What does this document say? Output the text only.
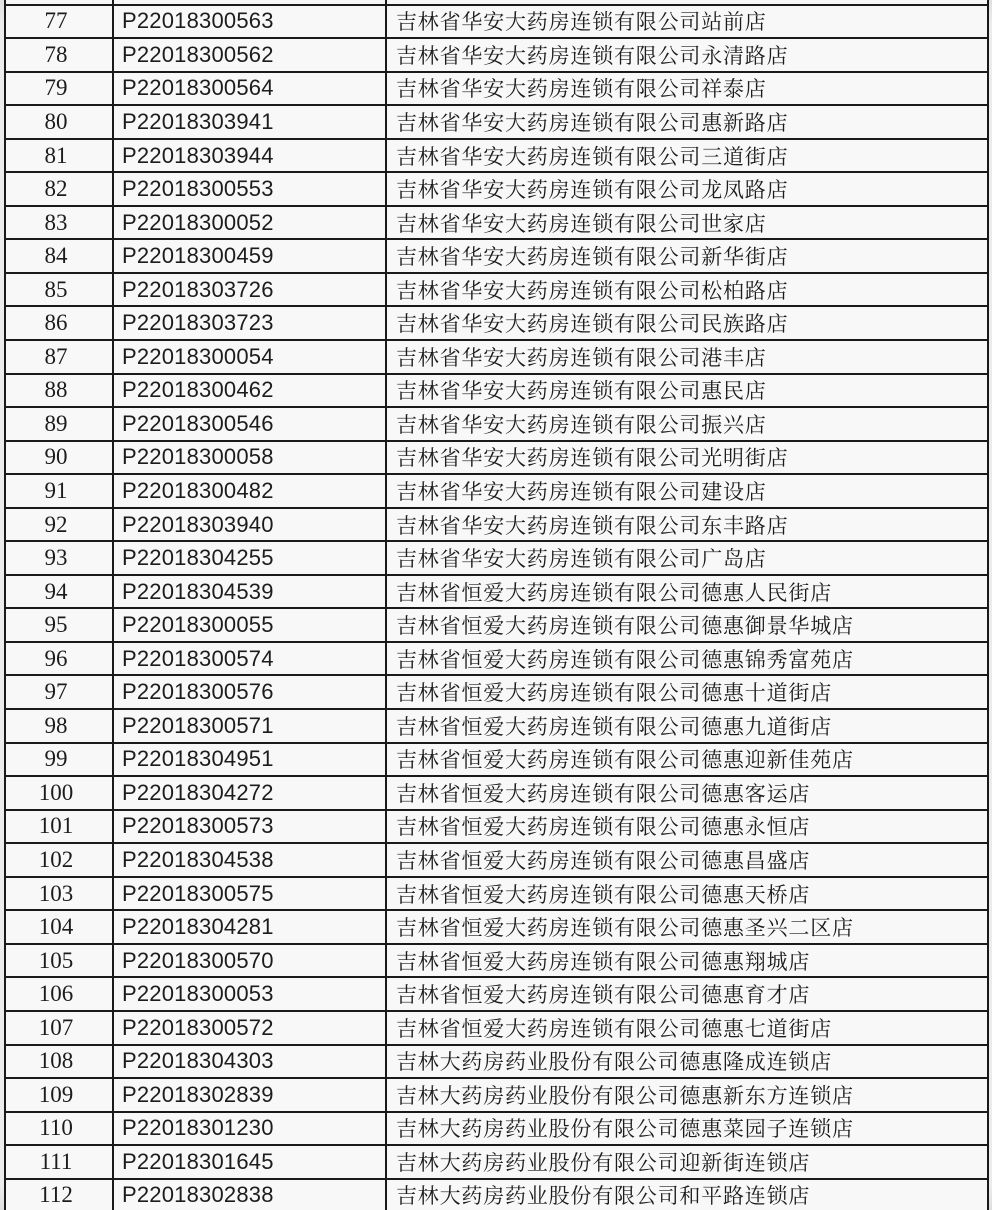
77	P22018300563	吉林省华安大药房连锁有限公司站前店
78	P22018300562	吉林省华安大药房连锁有限公司永清路店
79	P22018300564	吉林省华安大药房连锁有限公司祥泰店
80	P22018303941	吉林省华安大药房连锁有限公司惠新路店
81	P22018303944	吉林省华安大药房连锁有限公司三道街店
82	P22018300553	吉林省华安大药房连锁有限公司龙凤路店
83	P22018300052	吉林省华安大药房连锁有限公司世家店
84	P22018300459	吉林省华安大药房连锁有限公司新华街店
85	P22018303726	吉林省华安大药房连锁有限公司松柏路店
86	P22018303723	吉林省华安大药房连锁有限公司民族路店
87	P22018300054	吉林省华安大药房连锁有限公司港丰店
88	P22018300462	吉林省华安大药房连锁有限公司惠民店
89	P22018300546	吉林省华安大药房连锁有限公司振兴店
90	P22018300058	吉林省华安大药房连锁有限公司光明街店
91	P22018300482	吉林省华安大药房连锁有限公司建设店
92	P22018303940	吉林省华安大药房连锁有限公司东丰路店
93	P22018304255	吉林省华安大药房连锁有限公司广岛店
94	P22018304539	吉林省恒爱大药房连锁有限公司德惠人民街店
95	P22018300055	吉林省恒爱大药房连锁有限公司德惠御景华城店
96	P22018300574	吉林省恒爱大药房连锁有限公司德惠锦秀富苑店
97	P22018300576	吉林省恒爱大药房连锁有限公司德惠十道街店
98	P22018300571	吉林省恒爱大药房连锁有限公司德惠九道街店
99	P22018304951	吉林省恒爱大药房连锁有限公司德惠迎新佳苑店
100	P22018304272	吉林省恒爱大药房连锁有限公司德惠客运店
101	P22018300573	吉林省恒爱大药房连锁有限公司德惠永恒店
102	P22018304538	吉林省恒爱大药房连锁有限公司德惠昌盛店
103	P22018300575	吉林省恒爱大药房连锁有限公司德惠天桥店
104	P22018304281	吉林省恒爱大药房连锁有限公司德惠圣兴二区店
105	P22018300570	吉林省恒爱大药房连锁有限公司德惠翔城店
106	P22018300053	吉林省恒爱大药房连锁有限公司德惠育才店
107	P22018300572	吉林省恒爱大药房连锁有限公司德惠七道街店
108	P22018304303	吉林大药房药业股份有限公司德惠隆成连锁店
109	P22018302839	吉林大药房药业股份有限公司德惠新东方连锁店
110	P22018301230	吉林大药房药业股份有限公司德惠菜园子连锁店
111	P22018301645	吉林大药房药业股份有限公司迎新街连锁店
112	P22018302838	吉林大药房药业股份有限公司和平路连锁店
